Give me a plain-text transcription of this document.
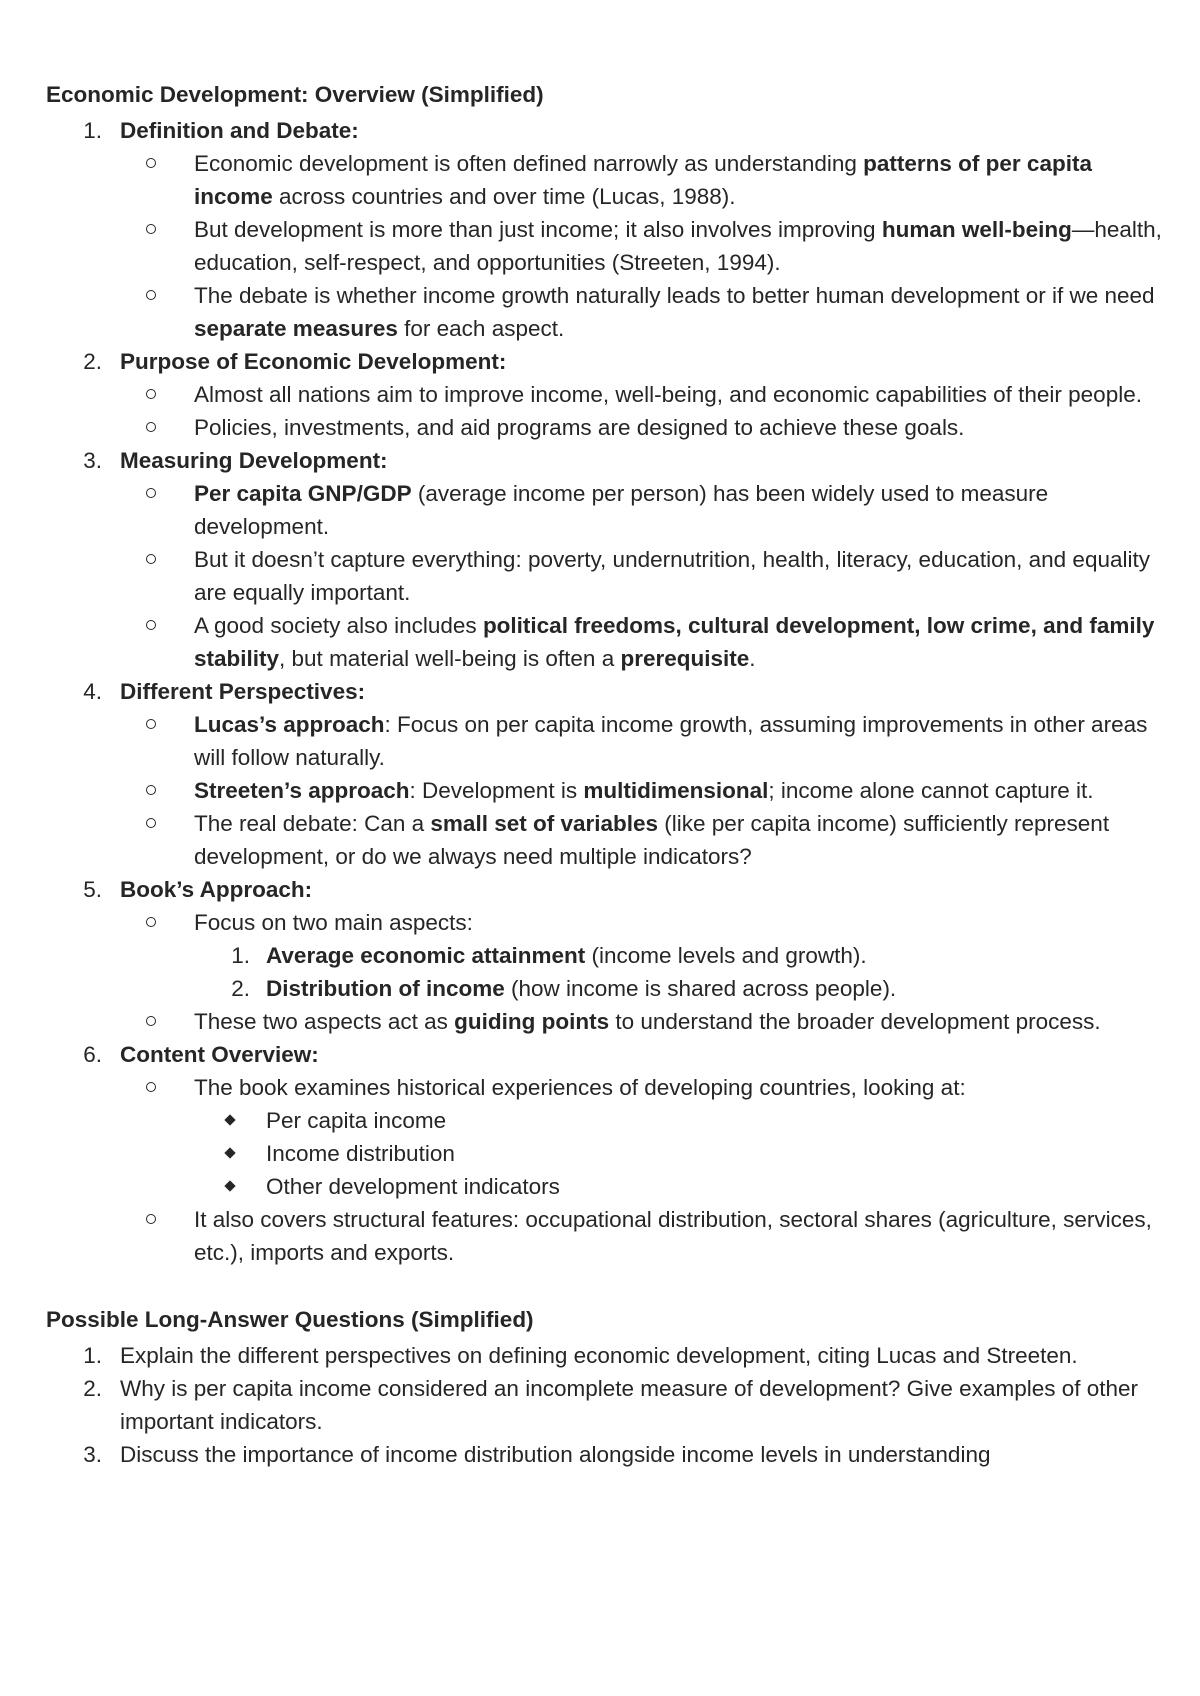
Economic Development: Overview (Simplified)

1. Definition and Debate:
Economic development is often defined narrowly as understanding patterns of per capita income across countries and over time (Lucas, 1988).
But development is more than just income; it also involves improving human well-being—health, education, self-respect, and opportunities (Streeten, 1994).
The debate is whether income growth naturally leads to better human development or if we need separate measures for each aspect.
2. Purpose of Economic Development:
Almost all nations aim to improve income, well-being, and economic capabilities of their people.
Policies, investments, and aid programs are designed to achieve these goals.
3. Measuring Development:
Per capita GNP/GDP (average income per person) has been widely used to measure development.
But it doesn’t capture everything: poverty, undernutrition, health, literacy, education, and equality are equally important.
A good society also includes political freedoms, cultural development, low crime, and family stability, but material well-being is often a prerequisite.
4. Different Perspectives:
Lucas’s approach: Focus on per capita income growth, assuming improvements in other areas will follow naturally.
Streeten’s approach: Development is multidimensional; income alone cannot capture it.
The real debate: Can a small set of variables (like per capita income) sufficiently represent development, or do we always need multiple indicators?
5. Book’s Approach:
Focus on two main aspects:
1. Average economic attainment (income levels and growth).
2. Distribution of income (how income is shared across people).
These two aspects act as guiding points to understand the broader development process.
6. Content Overview:
The book examines historical experiences of developing countries, looking at:
Per capita income
Income distribution
Other development indicators
It also covers structural features: occupational distribution, sectoral shares (agriculture, services, etc.), imports and exports.

Possible Long-Answer Questions (Simplified)

1. Explain the different perspectives on defining economic development, citing Lucas and Streeten.
2. Why is per capita income considered an incomplete measure of development? Give examples of other important indicators.
3. Discuss the importance of income distribution alongside income levels in understanding
